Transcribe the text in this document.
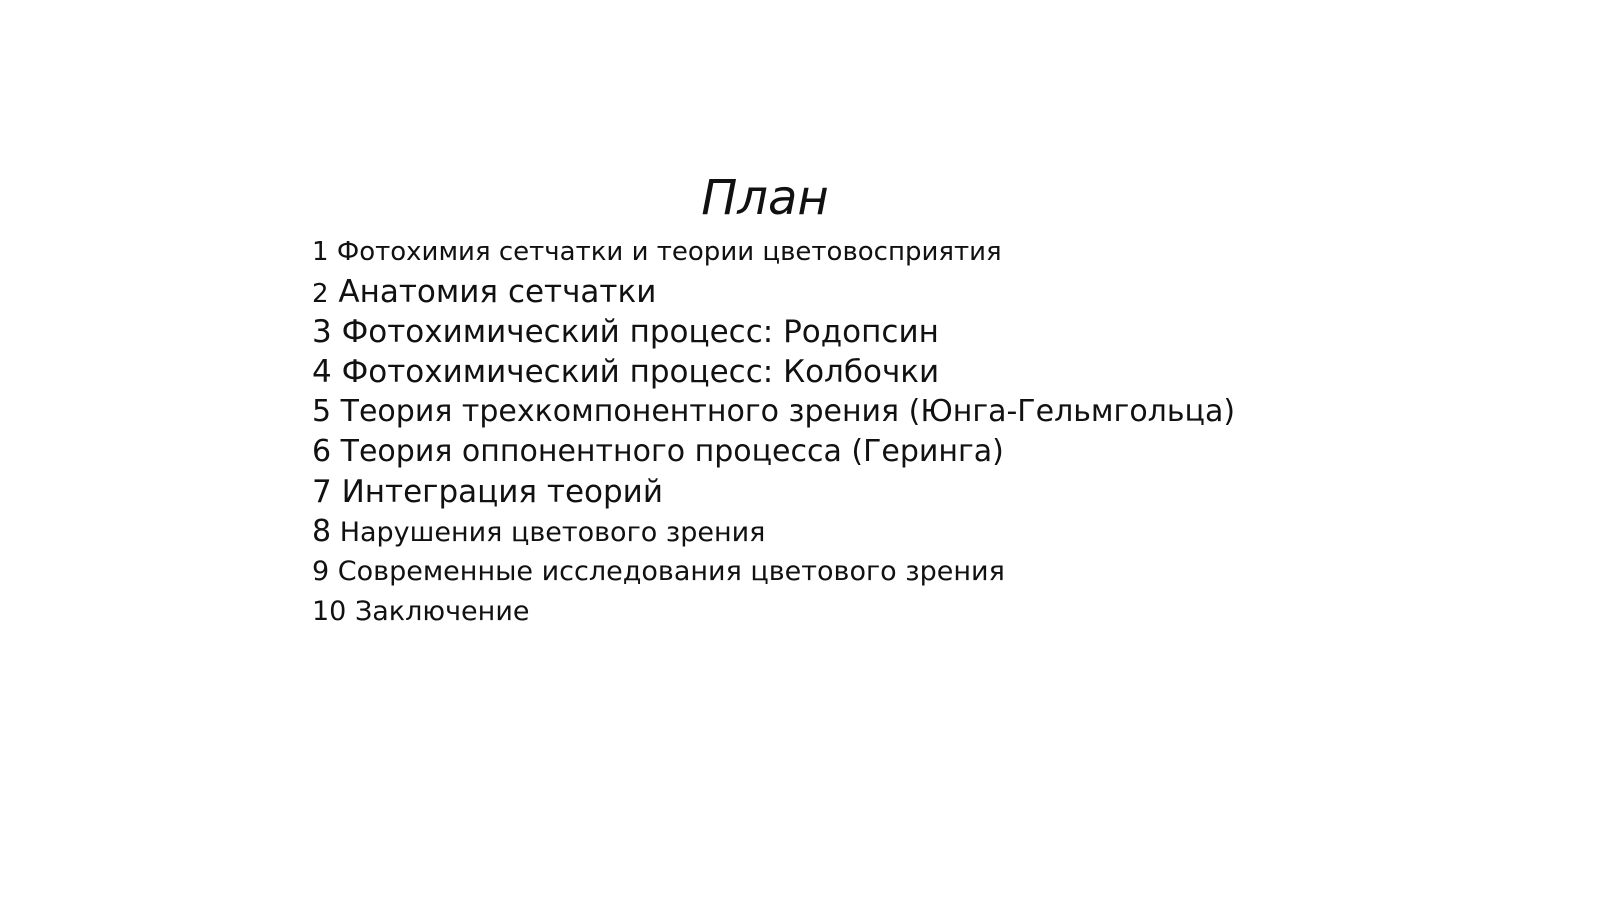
План
1 Фотохимия сетчатки и теории цветовосприятия
2 Анатомия сетчатки
3 Фотохимический процесс: Родопсин
4 Фотохимический процесс: Колбочки
5 Теория трехкомпонентного зрения (Юнга-Гельмгольца)
6 Теория оппонентного процесса (Геринга)
7 Интеграция теорий
8 Нарушения цветового зрения
9 Современные исследования цветового зрения
10 Заключение
